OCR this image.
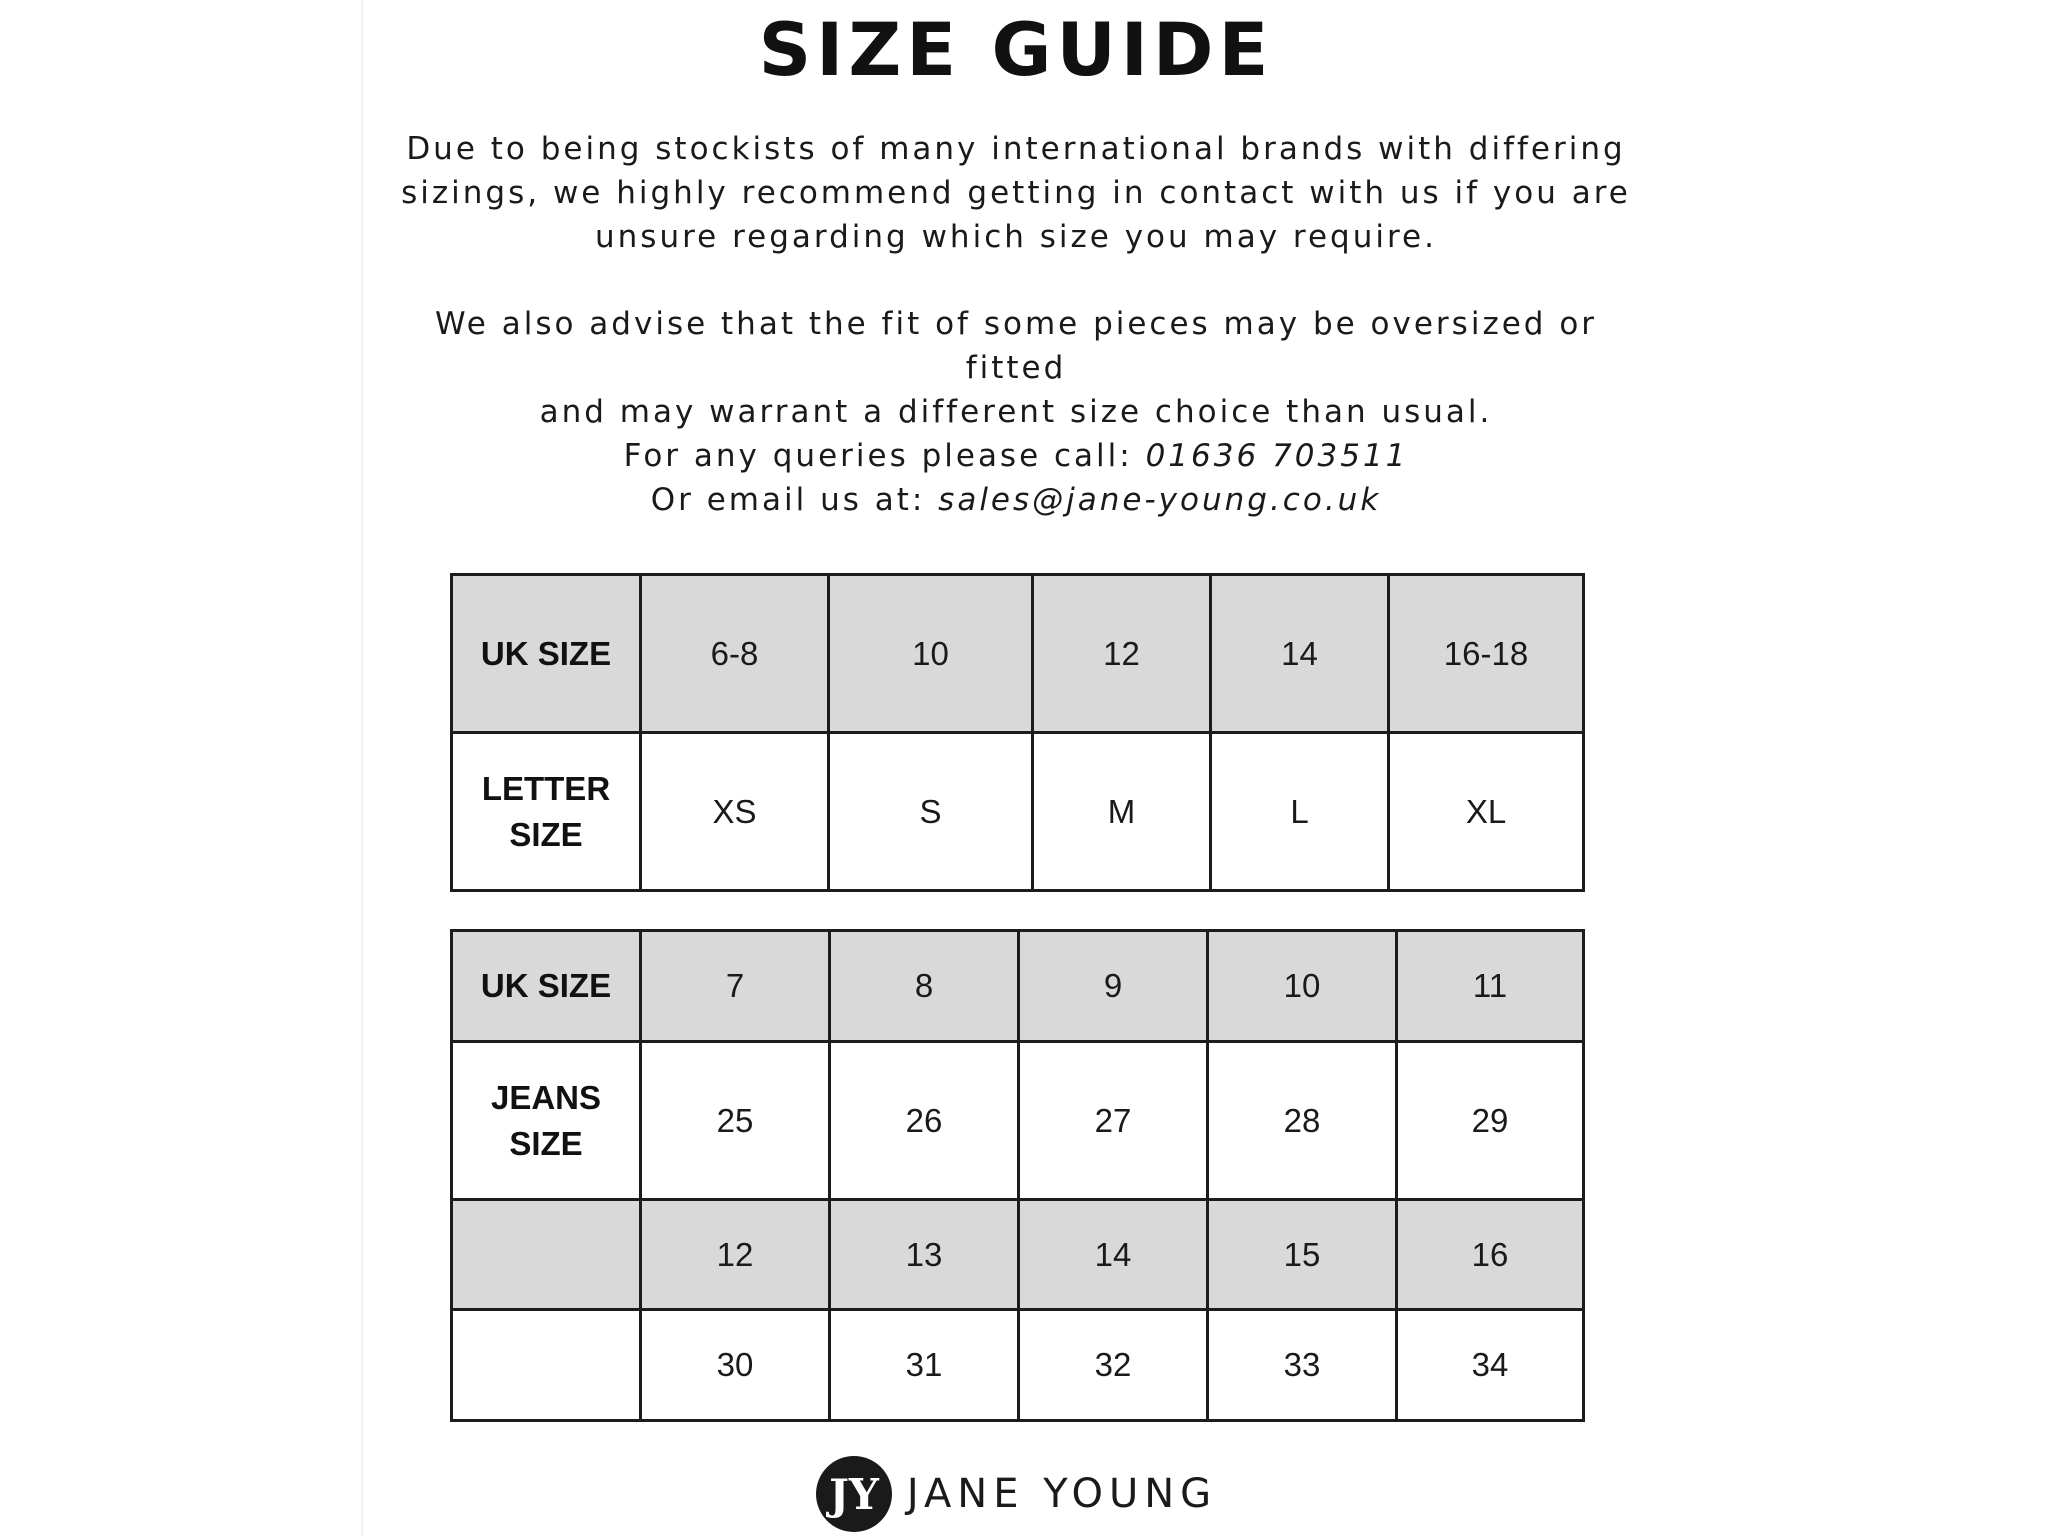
SIZE GUIDE

Due to being stockists of many international brands with differing

sizings, we highly recommend getting in contact with us if you are

unsure regarding which size you may require.

We also advise that the fit of some pieces may be oversized or fitted

and may warrant a different size choice than usual.

For any queries please call: 01636 703511

Or email us at: sales@jane-young.co.uk

UK SIZE	6-8	10	12	14	16-18
LETTER
SIZE	XS	S	M	L	XL
UK SIZE	7	8	9	10	11
JEANS
SIZE	25	26	27	28	29
	12	13	14	15	16
	30	31	32	33	34
JY JANE YOUNG
